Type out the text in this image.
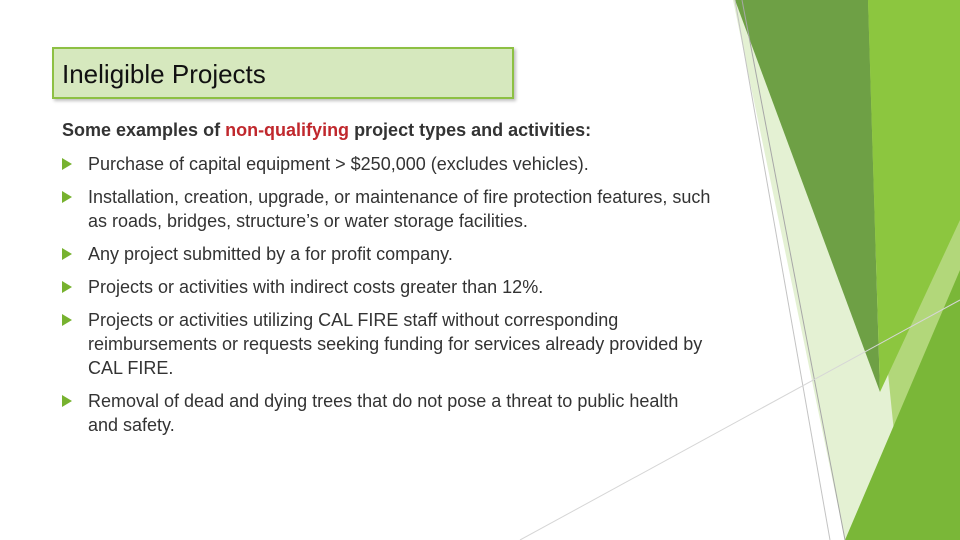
Ineligible Projects
Some examples of non-qualifying project types and activities:
Purchase of capital equipment > $250,000 (excludes vehicles).
Installation, creation, upgrade, or maintenance of fire protection features, such as roads, bridges, structure’s or water storage facilities.
Any project submitted by a for profit company.
Projects or activities with indirect costs greater than 12%.
Projects or activities utilizing CAL FIRE staff without corresponding reimbursements or requests seeking funding for services already provided by CAL FIRE.
Removal of dead and dying trees that do not pose a threat to public health and safety.
